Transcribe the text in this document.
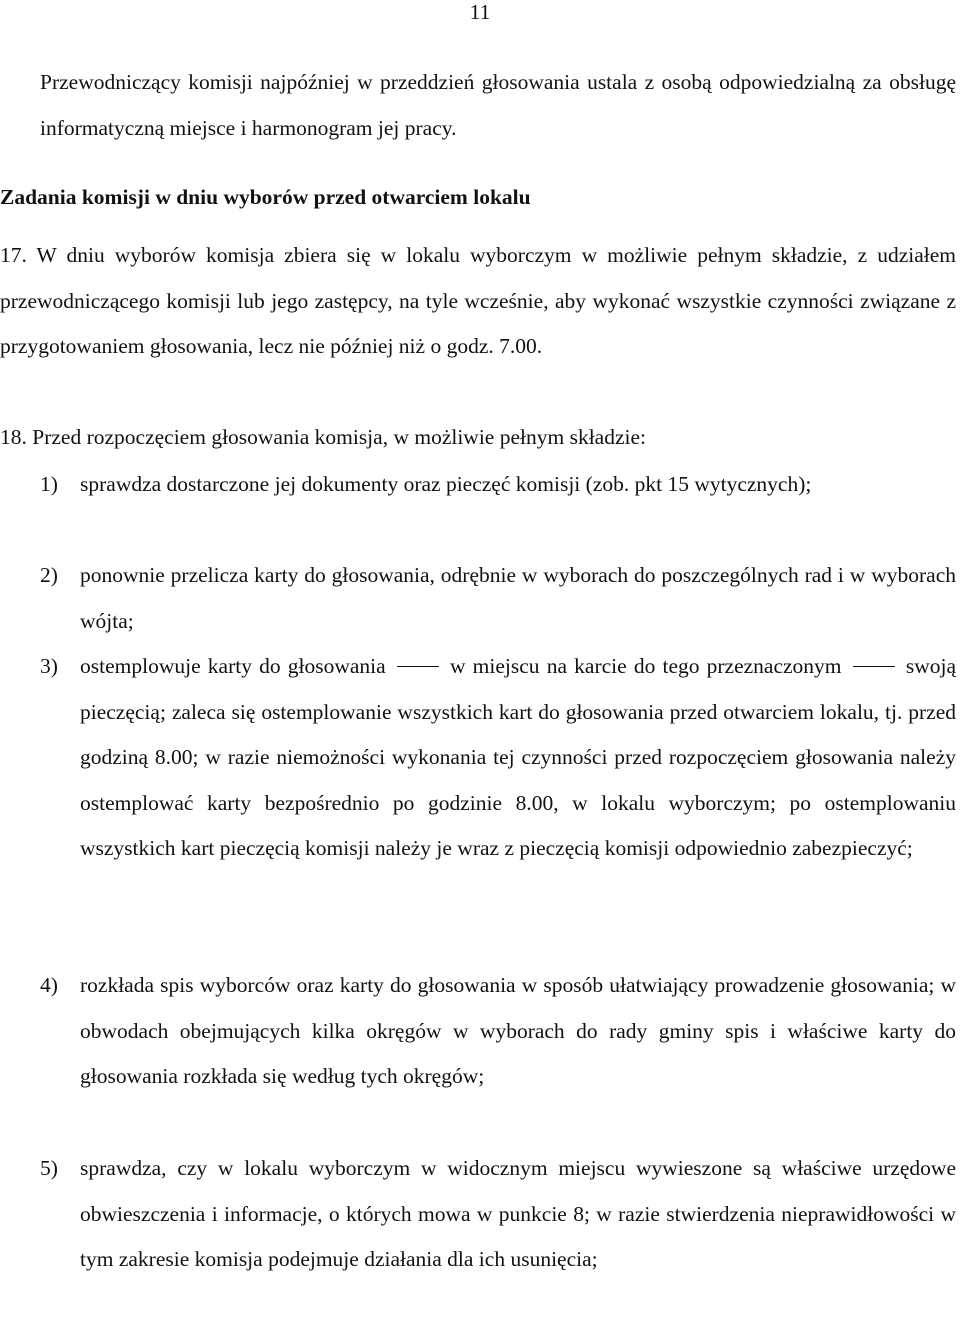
11

Przewodniczący komisji najpóźniej w przeddzień głosowania ustala z osobą odpowiedzialną za obsługę informatyczną miejsce i harmonogram jej pracy.

Zadania komisji w dniu wyborów przed otwarciem lokalu

17. W dniu wyborów komisja zbiera się w lokalu wyborczym w możliwie pełnym składzie, z udziałem przewodniczącego komisji lub jego zastępcy, na tyle wcześnie, aby wykonać wszystkie czynności związane z przygotowaniem głosowania, lecz nie później niż o godz. 7.00.

18. Przed rozpoczęciem głosowania komisja, w możliwie pełnym składzie:

1)	sprawdza dostarczone jej dokumenty oraz pieczęć komisji (zob. pkt 15 wytycznych);
2)	ponownie przelicza karty do głosowania, odrębnie w wyborach do poszczególnych rad i w wyborach wójta;
3)	ostemplowuje karty do głosowania	w miejscu na karcie do tego przeznaczonym	swoją pieczęcią; zaleca się ostemplowanie wszystkich kart do głosowania przed otwarciem lokalu, tj. przed godziną 8.00; w razie niemożności wykonania tej czynności przed rozpoczęciem głosowania należy ostemplować karty bezpośrednio po godzinie 8.00, w lokalu wyborczym; po ostemplowaniu wszystkich kart pieczęcią komisji należy je wraz z pieczęcią komisji odpowiednio zabezpieczyć;
4)	rozkłada spis wyborców oraz karty do głosowania w sposób ułatwiający prowadzenie głosowania; w obwodach obejmujących kilka okręgów w wyborach do rady gminy spis i właściwe karty do głosowania rozkłada się według tych okręgów;
5)	sprawdza, czy w lokalu wyborczym w widocznym miejscu wywieszone są właściwe urzędowe obwieszczenia i informacje, o których mowa w punkcie 8; w razie stwierdzenia nieprawidłowości w tym zakresie komisja podejmuje działania dla ich usunięcia;
